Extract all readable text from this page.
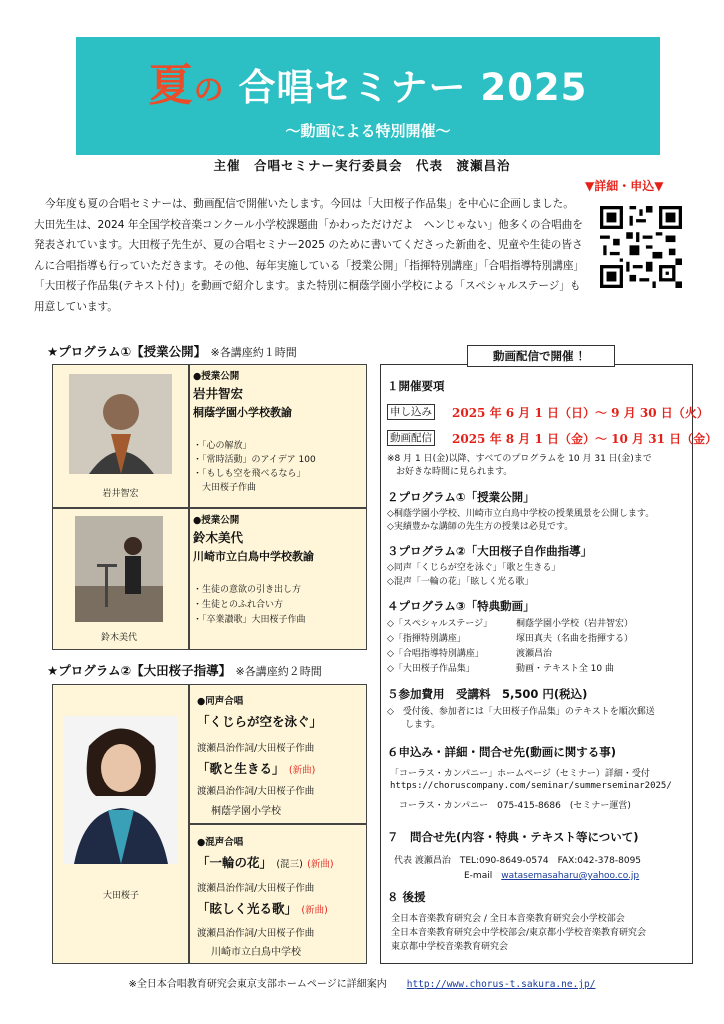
夏の 合唱セミナー 2025
〜動画による特別開催〜
主催　合唱セミナー実行委員会　代表　渡瀬昌治
▼詳細・申込▼
今年度も夏の合唱セミナーは、動画配信で開催いたします。今回は「大田桜子作品集」を中心に企画しました。大田先生は、2024 年全国学校音楽コンクール小学校課題曲「かわっただけだよ　へンじゃない」他多くの合唱曲を発表されています。大田桜子先生が、夏の合唱セミナー2025 のために書いてくださった新曲を、児童や生徒の皆さんに合唱指導も行っていただきます。その他、毎年実施している「授業公開」「指揮特別講座」「合唱指導特別講座」「大田桜子作品集(テキスト付)」を動画で紹介します。また特別に桐蔭学園小学校による「スペシャルステージ」も用意しています。
★プログラム①【授業公開】 ※各講座約１時間
岩井智宏
●授業公開
岩井智宏
桐蔭学園小学校教諭
・「心の解放」
・「常時活動」のアイデア 100
・「もしも空を飛べるなら」
　大田桜子作曲
鈴木美代
●授業公開
鈴木美代
川崎市立白鳥中学校教諭
・生徒の意欲の引き出し方
・生徒とのふれ合い方
・「卒業讃歌」大田桜子作曲
★プログラム②【大田桜子指導】 ※各講座約２時間
大田桜子
●同声合唱
「くじらが空を泳ぐ」
渡瀬昌治作詞/大田桜子作曲
「歌と生きる」 (新曲)
渡瀬昌治作詞/大田桜子作曲
桐蔭学園小学校
●混声合唱
「一輪の花」 (混三) (新曲)
渡瀬昌治作詞/大田桜子作曲
「眩しく光る歌」 (新曲)
渡瀬昌治作詞/大田桜子作曲
川崎市立白鳥中学校
動画配信で開催 ！
１開催要項
申し込み 2025 年 6 月 1 日（日）～ 9 月 30 日（火）
動画配信 2025 年 8 月 1 日（金）～ 10 月 31 日（金）
※8 月 1 日(金)以降、すべてのプログラムを 10 月 31 日(金)まで
　お好きな時間に見られます。
２プログラム①「授業公開」
◇桐蔭学園小学校、川崎市立白鳥中学校の授業風景を公開します。
◇実績豊かな講師の先生方の授業は必見です。
３プログラム②「大田桜子自作曲指導」
◇同声「くじらが空を泳ぐ」「歌と生きる」
◇混声「一輪の花」「眩しく光る歌」
４プログラム③「特典動画」
◇「スペシャルステージ」	桐蔭学園小学校（岩井智宏）
◇「指揮特別講座」	塚田真夫（名曲を指揮する）
◇「合唱指導特別講座」	渡瀬昌治
◇「大田桜子作品集」	動画・テキスト全 10 曲
５参加費用　受講料　5,500 円(税込)
◇　受付後、参加者には「大田桜子作品集」のテキストを順次郵送
　　します。
６申込み・詳細・問合せ先(動画に関する事)
「コーラス・カンパニー」ホームページ（セミナー）詳細・受付
https://choruscompany.com/seminar/summerseminar2025/
　コーラス・カンパニー　075-415-8686　(セミナー運営)
７　問合せ先(内容・特典・テキスト等について)
代表 渡瀬昌治　TEL:090-8649-0574　FAX:042-378-8095
E-mail　 watasemasaharu@yahoo.co.jp
８ 後援
全日本音楽教育研究会 / 全日本音楽教育研究会小学校部会
全日本音楽教育研究会中学校部会/東京都小学校音楽教育研究会
東京都中学校音楽教育研究会
※全日本合唱教育研究会東京支部ホームページに詳細案内　　 http://www.chorus-t.sakura.ne.jp/
